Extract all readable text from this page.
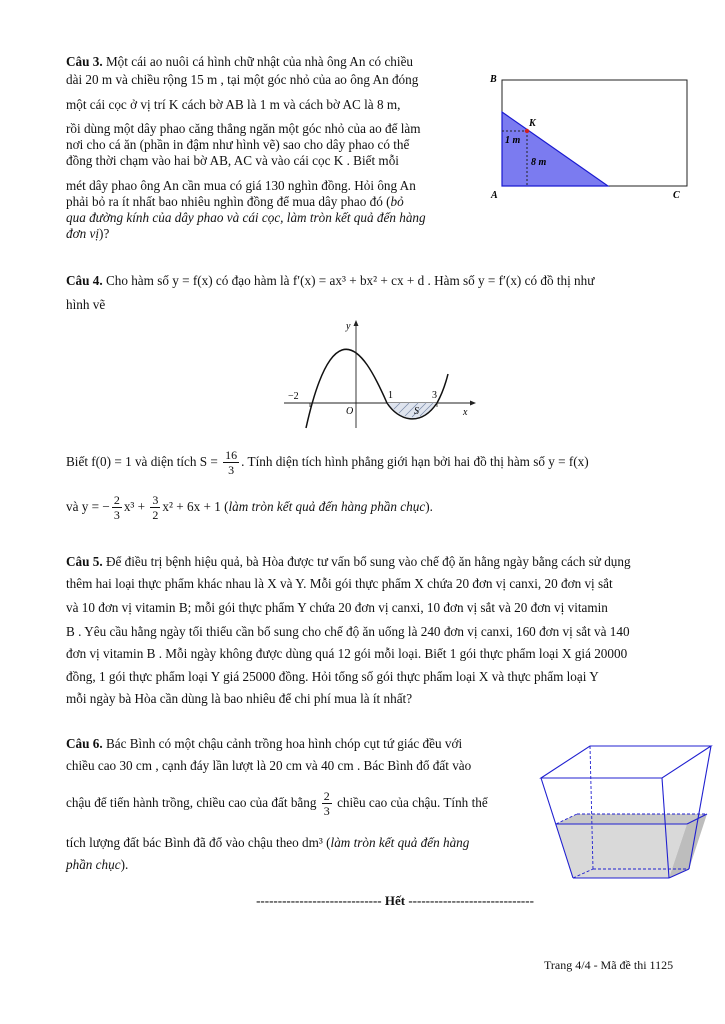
Câu 3. Một cái ao nuôi cá hình chữ nhật của nhà ông An có chiều

dài 20 m và chiều rộng 15 m , tại một góc nhỏ của ao ông An đóng

một cái cọc ở vị trí K cách bờ AB là 1 m và cách bờ AC là 8 m,

rồi dùng một dây phao căng thẳng ngăn một góc nhỏ của ao để làm

nơi cho cá ăn (phần in đậm như hình vẽ) sao cho dây phao có thể

đồng thời chạm vào hai bờ AB, AC và vào cái cọc K . Biết mỗi

mét dây phao ông An cần mua có giá 130 nghìn đồng. Hỏi ông An

phải bỏ ra ít nhất bao nhiêu nghìn đồng để mua dây phao đó (bỏ

qua đường kính của dây phao và cái cọc, làm tròn kết quả đến hàng

đơn vị)?

B
A	C
K
1 m
8 m

Câu 4. Cho hàm số y = f(x) có đạo hàm là f′(x) = ax³ + bx² + cx + d . Hàm số y = f′(x) có đồ thị như

hình vẽ

y
x
O
−2	1	3
S

Biết f(0) = 1 và diện tích $S = \frac{16}{3}$ . Tính diện tích hình phẳng giới hạn bởi hai đồ thị hàm số y = f(x)

và y = − $\frac{2}{3} x^3 + \frac{3}{2} x^2 + 6x + 1$ (làm tròn kết quả đến hàng phần chục).

Câu 5. Để điều trị bệnh hiệu quả, bà Hòa được tư vấn bổ sung vào chế độ ăn hằng ngày bằng cách sử dụng

thêm hai loại thực phẩm khác nhau là X và Y. Mỗi gói thực phẩm X chứa 20 đơn vị canxi, 20 đơn vị sắt

và 10 đơn vị vitamin B; mỗi gói thực phẩm Y chứa 20 đơn vị canxi, 10 đơn vị sắt và 20 đơn vị vitamin

B . Yêu cầu hằng ngày tối thiểu cần bổ sung cho chế độ ăn uống là 240 đơn vị canxi, 160 đơn vị sắt và 140

đơn vị vitamin B . Mỗi ngày không được dùng quá 12 gói mỗi loại. Biết 1 gói thực phẩm loại X giá 20000

đồng, 1 gói thực phẩm loại Y giá 25000 đồng. Hỏi tổng số gói thực phẩm loại X và thực phẩm loại Y

mỗi ngày bà Hòa cần dùng là bao nhiêu để chi phí mua là ít nhất?

Câu 6. Bác Bình có một chậu cảnh trồng hoa hình chóp cụt tứ giác đều với

chiều cao 30 cm , cạnh đáy lần lượt là 20 cm và 40 cm . Bác Bình đổ đất vào

chậu để tiến hành trồng, chiều cao của đất bằng $\frac{2}{3}$ chiều cao của chậu. Tính thể

tích lượng đất bác Bình đã đổ vào chậu theo dm³ (làm tròn kết quả đến hàng

phần chục).

----------------------------- Hết -----------------------------
Trang 4/4 - Mã đề thi 1125
